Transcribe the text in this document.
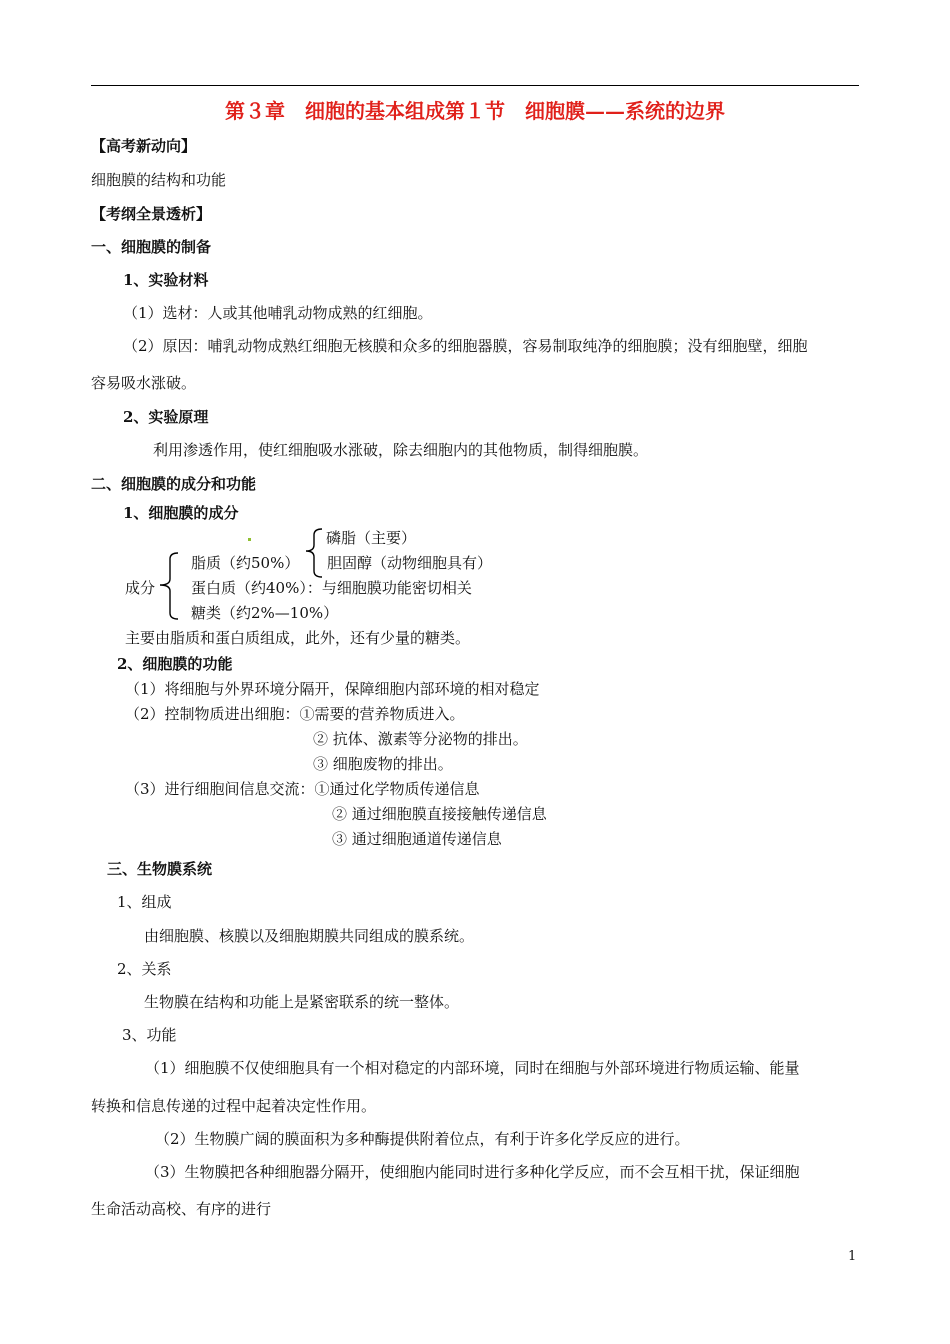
第３章　细胞的基本组成第１节　细胞膜——系统的边界
【高考新动向】
细胞膜的结构和功能
【考纲全景透析】
一、细胞膜的制备
1、实验材料
（1）选材：人或其他哺乳动物成熟的红细胞。
（2）原因：哺乳动物成熟红细胞无核膜和众多的细胞器膜，容易制取纯净的细胞膜；没有细胞壁，细胞
容易吸水涨破。
2、实验原理
利用渗透作用，使红细胞吸水涨破，除去细胞内的其他物质，制得细胞膜。
二、细胞膜的成分和功能
1、细胞膜的成分
磷脂（主要）
胆固醇（动物细胞具有）
脂质（约50%）
成分 蛋白质（约40%）：与细胞膜功能密切相关
糖类（约2%—10%）
主要由脂质和蛋白质组成，此外，还有少量的糖类。
2、细胞膜的功能
（1）将细胞与外界环境分隔开，保障细胞内部环境的相对稳定
（2）控制物质进出细胞：①需要的营养物质进入。
② 抗体、激素等分泌物的排出。
③ 细胞废物的排出。
（3）进行细胞间信息交流：①通过化学物质传递信息
② 通过细胞膜直接接触传递信息
③ 通过细胞通道传递信息
三、生物膜系统
1、组成
由细胞膜、核膜以及细胞期膜共同组成的膜系统。
2、关系
生物膜在结构和功能上是紧密联系的统一整体。
3、功能
（1）细胞膜不仅使细胞具有一个相对稳定的内部环境，同时在细胞与外部环境进行物质运输、能量
转换和信息传递的过程中起着决定性作用。
（2）生物膜广阔的膜面积为多种酶提供附着位点，有利于许多化学反应的进行。
（3）生物膜把各种细胞器分隔开，使细胞内能同时进行多种化学反应，而不会互相干扰，保证细胞
生命活动高校、有序的进行
1
